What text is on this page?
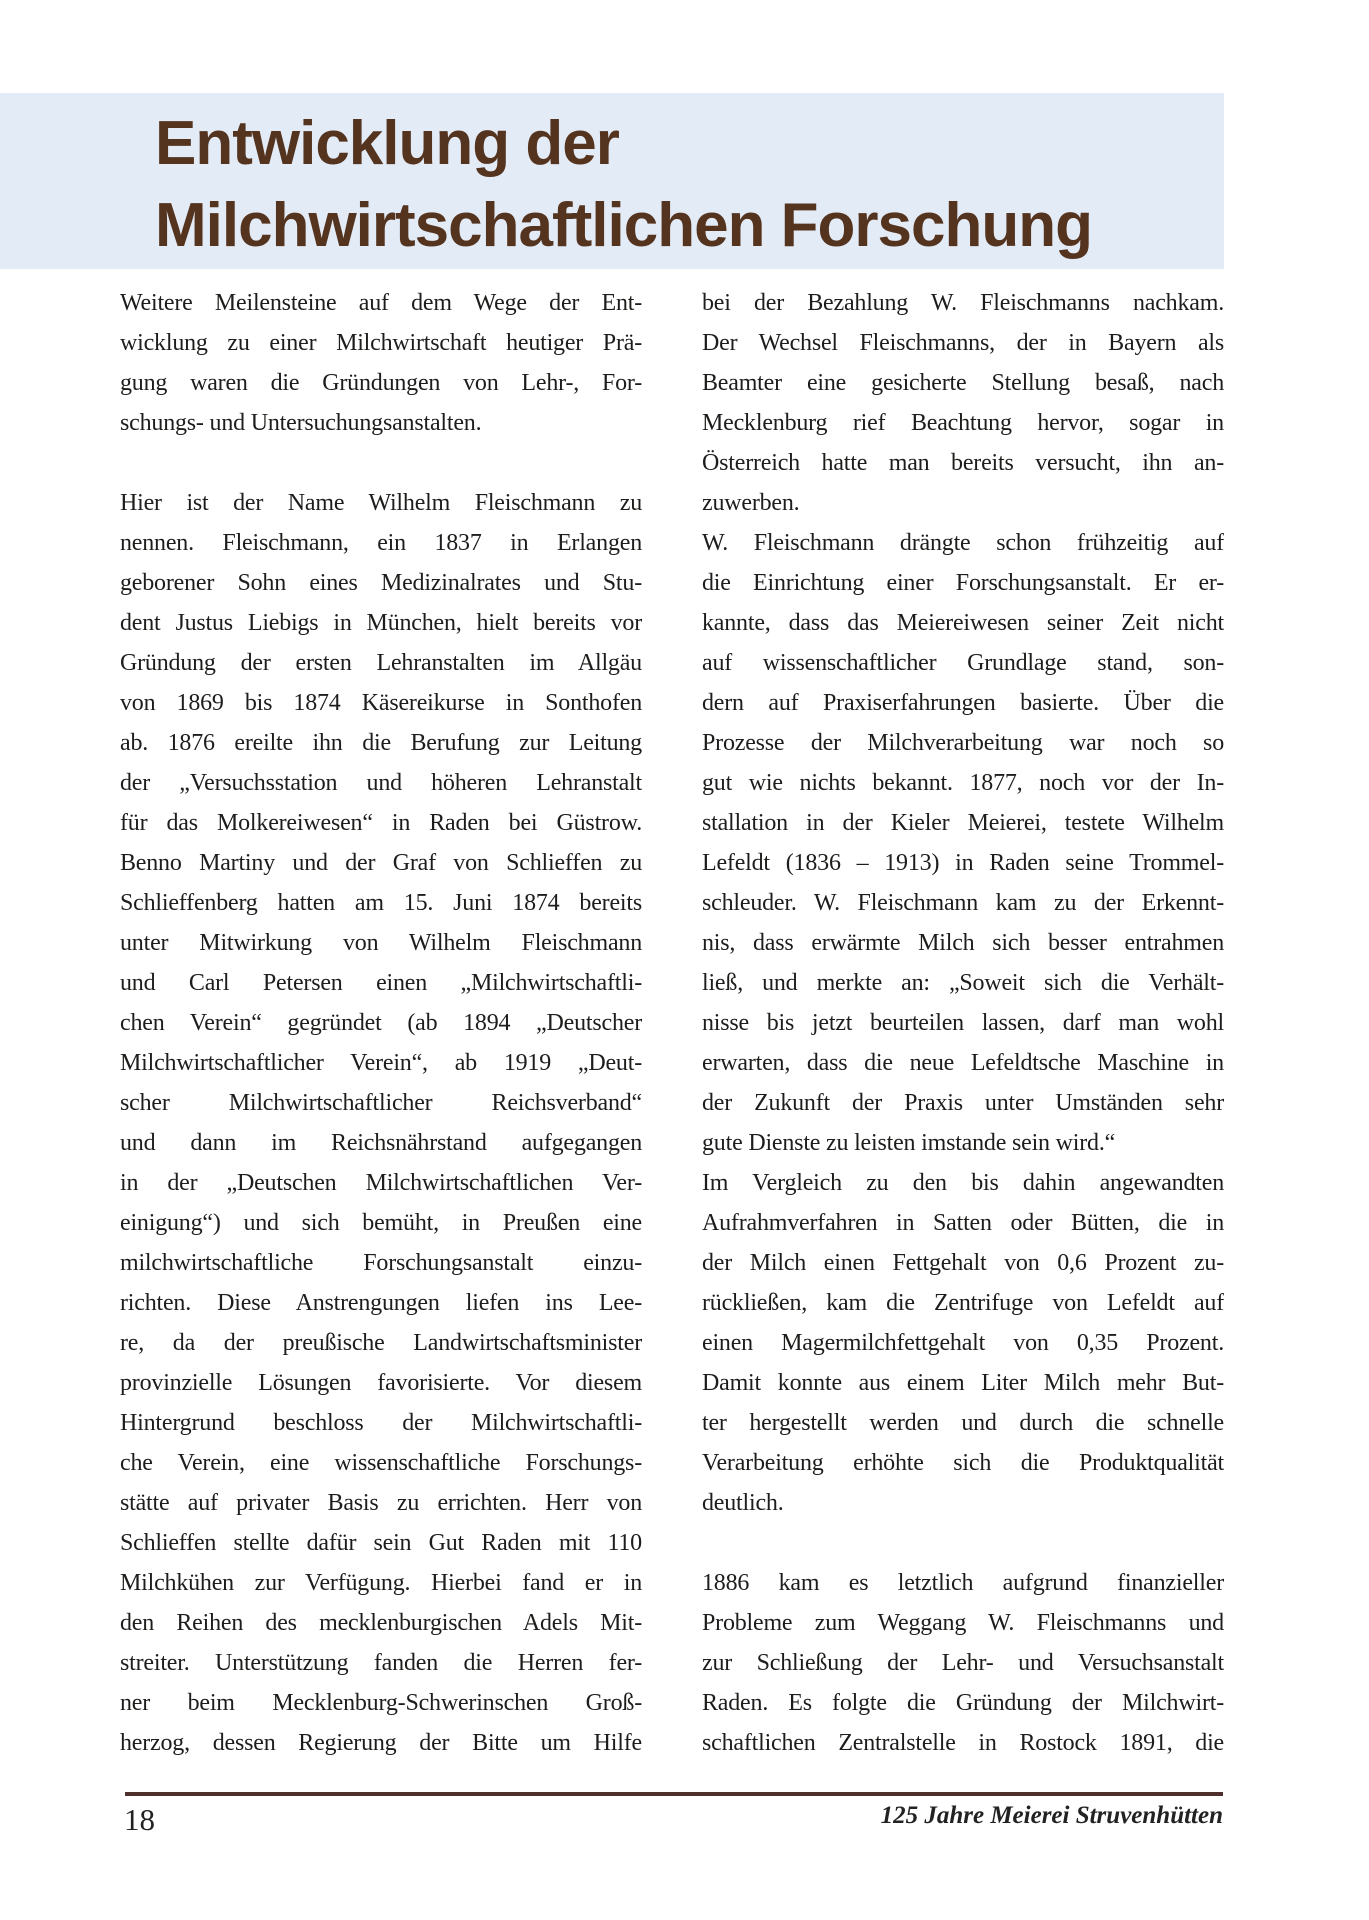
Entwicklung der
Milchwirtschaftlichen Forschung
Weitere Meilensteine auf dem Wege der Ent-
wicklung zu einer Milchwirtschaft heutiger Prä-
gung waren die Gründungen von Lehr-, For-
schungs- und Untersuchungsanstalten.
Hier ist der Name Wilhelm Fleischmann zu
nennen. Fleischmann, ein 1837 in Erlangen
geborener Sohn eines Medizinalrates und Stu-
dent Justus Liebigs in München, hielt bereits vor
Gründung der ersten Lehranstalten im Allgäu
von 1869 bis 1874 Käsereikurse in Sonthofen
ab. 1876 ereilte ihn die Berufung zur Leitung
der „Versuchsstation und höheren Lehranstalt
für das Molkereiwesen“ in Raden bei Güstrow.
Benno Martiny und der Graf von Schlieffen zu
Schlieffenberg hatten am 15. Juni 1874 bereits
unter Mitwirkung von Wilhelm Fleischmann
und Carl Petersen einen „Milchwirtschaftli-
chen Verein“ gegründet (ab 1894 „Deutscher
Milchwirtschaftlicher Verein“, ab 1919 „Deut-
scher Milchwirtschaftlicher Reichsverband“
und dann im Reichsnährstand aufgegangen
in der „Deutschen Milchwirtschaftlichen Ver-
einigung“) und sich bemüht, in Preußen eine
milchwirtschaftliche Forschungsanstalt einzu-
richten. Diese Anstrengungen liefen ins Lee-
re, da der preußische Landwirtschaftsminister
provinzielle Lösungen favorisierte. Vor diesem
Hintergrund beschloss der Milchwirtschaftli-
che Verein, eine wissenschaftliche Forschungs-
stätte auf privater Basis zu errichten. Herr von
Schlieffen stellte dafür sein Gut Raden mit 110
Milchkühen zur Verfügung. Hierbei fand er in
den Reihen des mecklenburgischen Adels Mit-
streiter. Unterstützung fanden die Herren fer-
ner beim Mecklenburg-Schwerinschen Groß-
herzog, dessen Regierung der Bitte um Hilfe
bei der Bezahlung W. Fleischmanns nachkam.
Der Wechsel Fleischmanns, der in Bayern als
Beamter eine gesicherte Stellung besaß, nach
Mecklenburg rief Beachtung hervor, sogar in
Österreich hatte man bereits versucht, ihn an-
zuwerben.
W. Fleischmann drängte schon frühzeitig auf
die Einrichtung einer Forschungsanstalt. Er er-
kannte, dass das Meiereiwesen seiner Zeit nicht
auf wissenschaftlicher Grundlage stand, son-
dern auf Praxiserfahrungen basierte. Über die
Prozesse der Milchverarbeitung war noch so
gut wie nichts bekannt. 1877, noch vor der In-
stallation in der Kieler Meierei, testete Wilhelm
Lefeldt (1836 – 1913) in Raden seine Trommel-
schleuder. W. Fleischmann kam zu der Erkennt-
nis, dass erwärmte Milch sich besser entrahmen
ließ, und merkte an: „Soweit sich die Verhält-
nisse bis jetzt beurteilen lassen, darf man wohl
erwarten, dass die neue Lefeldtsche Maschine in
der Zukunft der Praxis unter Umständen sehr
gute Dienste zu leisten imstande sein wird.“
Im Vergleich zu den bis dahin angewandten
Aufrahmverfahren in Satten oder Bütten, die in
der Milch einen Fettgehalt von 0,6 Prozent zu-
rückließen, kam die Zentrifuge von Lefeldt auf
einen Magermilchfettgehalt von 0,35 Prozent.
Damit konnte aus einem Liter Milch mehr But-
ter hergestellt werden und durch die schnelle
Verarbeitung erhöhte sich die Produktqualität
deutlich.
1886 kam es letztlich aufgrund finanzieller
Probleme zum Weggang W. Fleischmanns und
zur Schließung der Lehr- und Versuchsanstalt
Raden. Es folgte die Gründung der Milchwirt-
schaftlichen Zentralstelle in Rostock 1891, die
18	125 Jahre Meierei Struvenhütten
